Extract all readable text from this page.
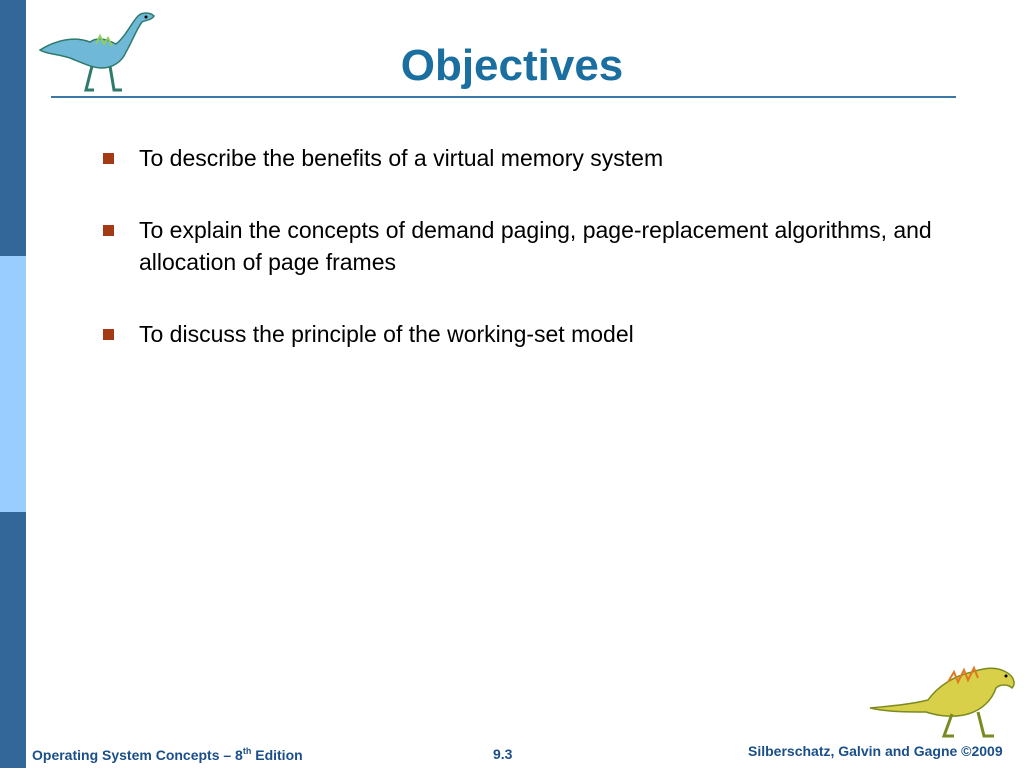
Objectives
To describe the benefits of a virtual memory system
To explain the concepts of demand paging, page-replacement algorithms, and allocation of page frames
To discuss the principle of the working-set model
Operating System Concepts – 8th Edition	9.3	Silberschatz, Galvin and Gagne ©2009
